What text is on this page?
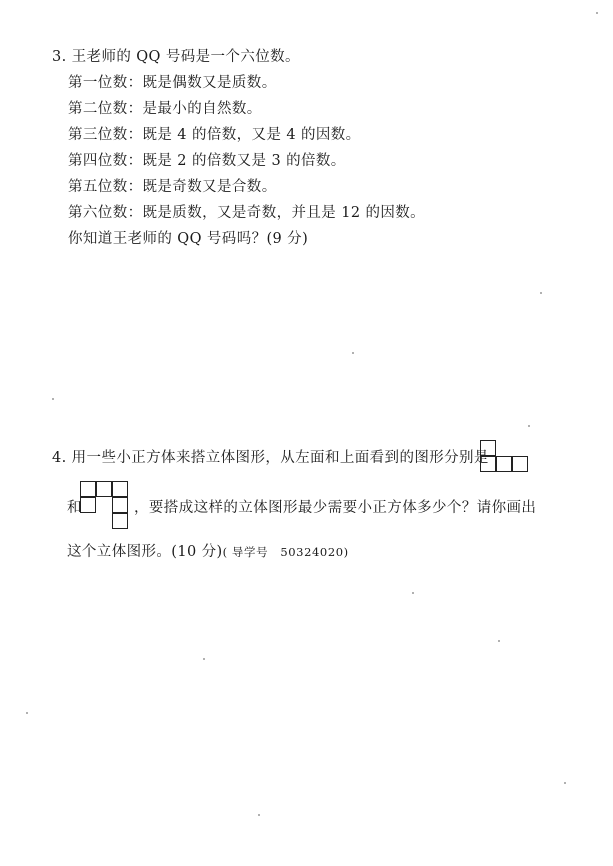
3. 王老师的 QQ 号码是一个六位数。
第一位数：既是偶数又是质数。
第二位数：是最小的自然数。
第三位数：既是 4 的倍数，又是 4 的因数。
第四位数：既是 2 的倍数又是 3 的倍数。
第五位数：既是奇数又是合数。
第六位数：既是质数，又是奇数，并且是 12 的因数。
你知道王老师的 QQ 号码吗？(9 分)
4. 用一些小正方体来搭立体图形，从左面和上面看到的图形分别是
和	，要搭成这样的立体图形最少需要小正方体多少个？请你画出
这个立体图形。(10 分)( 导学号　50324020)
